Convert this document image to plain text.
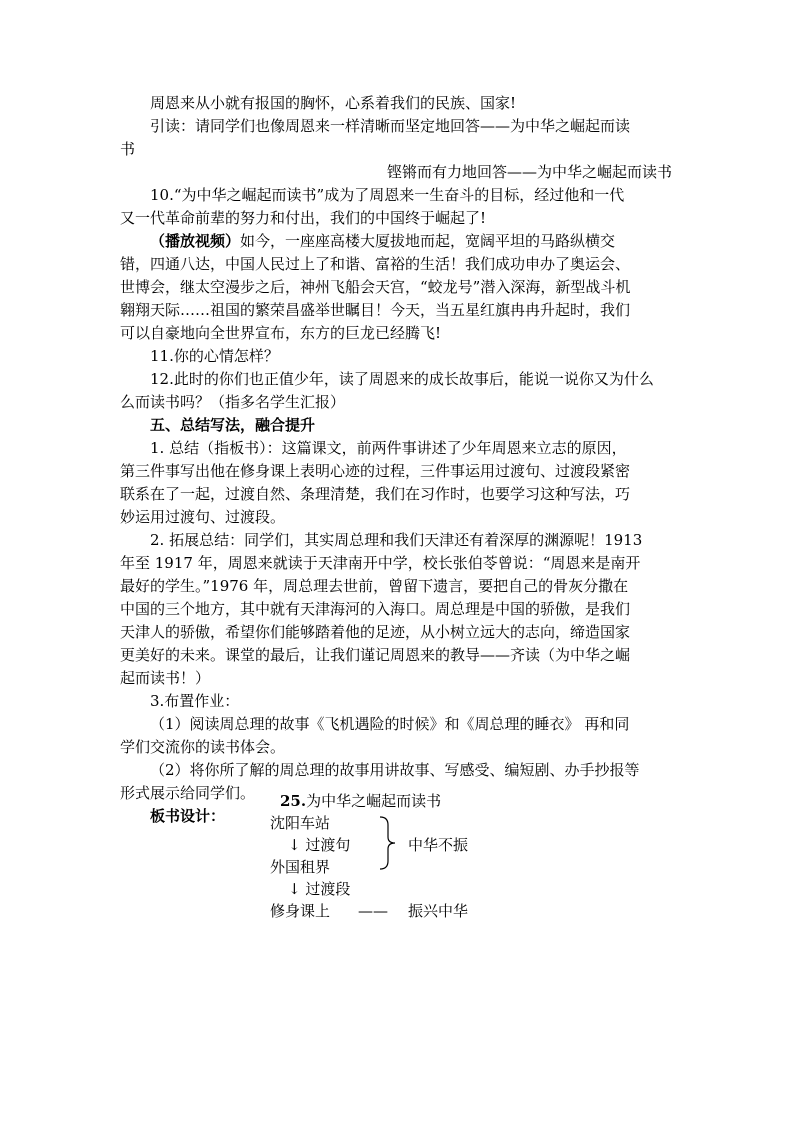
周恩来从小就有报国的胸怀，心系着我们的民族、国家!
引读：请同学们也像周恩来一样清晰而坚定地回答——为中华之崛起而读
书
铿锵而有力地回答——为中华之崛起而读书
10.“为中华之崛起而读书”成为了周恩来一生奋斗的目标，经过他和一代
又一代革命前辈的努力和付出，我们的中国终于崛起了!
（播放视频）如今，一座座高楼大厦拔地而起，宽阔平坦的马路纵横交
错，四通八达，中国人民过上了和谐、富裕的生活！我们成功申办了奥运会、
世博会，继太空漫步之后，神州飞船会天宫，“蛟龙号”潜入深海，新型战斗机
翱翔天际……祖国的繁荣昌盛举世瞩目！今天，当五星红旗冉冉升起时，我们
可以自豪地向全世界宣布，东方的巨龙已经腾飞!
11.你的心情怎样？
12.此时的你们也正值少年，读了周恩来的成长故事后，能说一说你又为什么
么而读书吗？（指多名学生汇报）
五、总结写法，融合提升
1. 总结（指板书）：这篇课文，前两件事讲述了少年周恩来立志的原因，
第三件事写出他在修身课上表明心迹的过程，三件事运用过渡句、过渡段紧密
联系在了一起，过渡自然、条理清楚，我们在习作时，也要学习这种写法，巧
妙运用过渡句、过渡段。
2. 拓展总结：同学们，其实周总理和我们天津还有着深厚的渊源呢！1913
年至 1917 年，周恩来就读于天津南开中学，校长张伯苓曾说：“周恩来是南开
最好的学生。”1976 年，周总理去世前，曾留下遗言，要把自己的骨灰分撒在
中国的三个地方，其中就有天津海河的入海口。周总理是中国的骄傲，是我们
天津人的骄傲，希望你们能够踏着他的足迹，从小树立远大的志向，缔造国家
更美好的未来。课堂的最后，让我们谨记周恩来的教导——齐读（为中华之崛
起而读书！）
3.布置作业：
（1）阅读周总理的故事《飞机遇险的时候》和《周总理的睡衣》 再和同
学们交流你的读书体会。
（2）将你所了解的周总理的故事用讲故事、写感受、编短剧、办手抄报等
形式展示给同学们。
板书设计：
25.为中华之崛起而读书
沈阳车站
↓ 过渡句
外国租界
↓ 过渡段
修身课上 ——
中华不振
振兴中华
